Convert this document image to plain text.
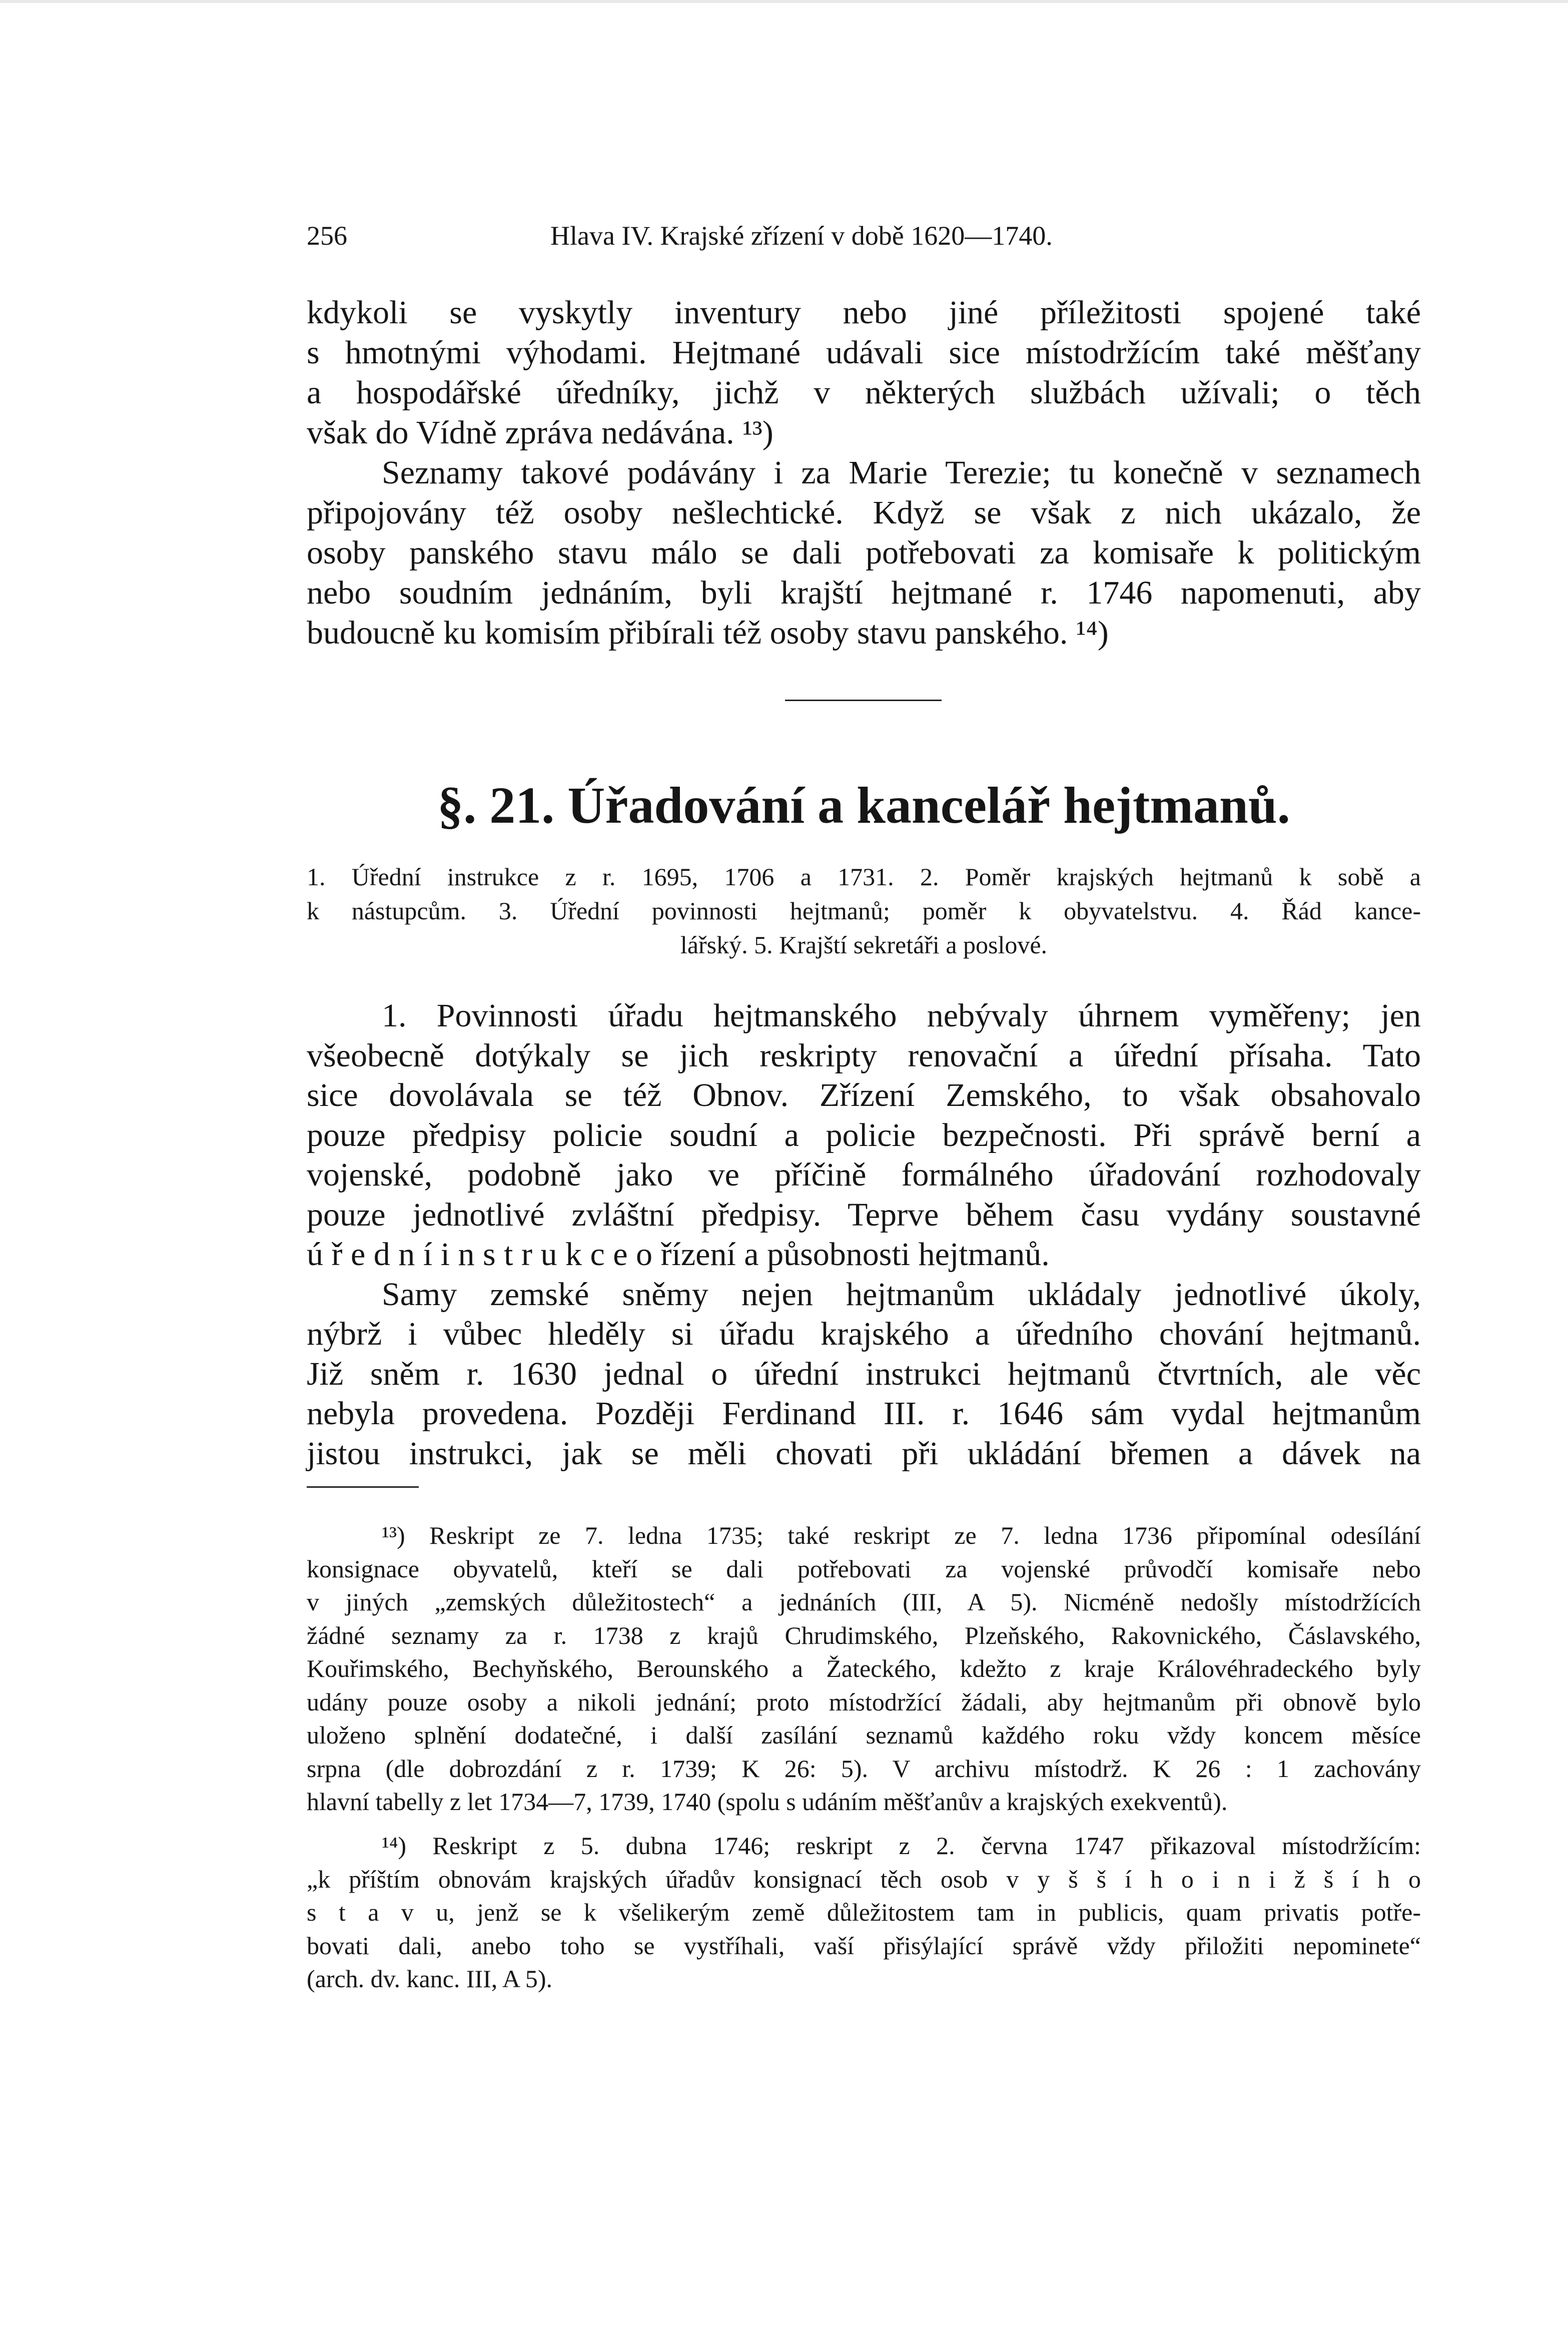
256	Hlava IV. Krajské zřízení v době 1620—1740.
kdykoli se vyskytly inventury nebo jiné příležitosti spojené také
s hmotnými výhodami. Hejtmané udávali sice místodržícím také měšťany
a hospodářské úředníky, jichž v některých službách užívali; o těch
však do Vídně zpráva nedávána. ¹³)
Seznamy takové podávány i za Marie Terezie; tu konečně v seznamech
připojovány též osoby nešlechtické. Když se však z nich ukázalo, že
osoby panského stavu málo se dali potřebovati za komisaře k politickým
nebo soudním jednáním, byli krajští hejtmané r. 1746 napomenuti, aby
budoucně ku komisím přibírali též osoby stavu panského. ¹⁴)
§. 21. Úřadování a kancelář hejtmanů.
1. Úřední instrukce z r. 1695, 1706 a 1731. 2. Poměr krajských hejtmanů k sobě a
k nástupcům. 3. Úřední povinnosti hejtmanů; poměr k obyvatelstvu. 4. Řád kance-
lářský. 5. Krajští sekretáři a poslové.
1. Povinnosti úřadu hejtmanského nebývaly úhrnem vyměřeny; jen
všeobecně dotýkaly se jich reskripty renovační a úřední přísaha. Tato
sice dovolávala se též Obnov. Zřízení Zemského, to však obsahovalo
pouze předpisy policie soudní a policie bezpečnosti. Při správě berní a
vojenské, podobně jako ve příčině formálného úřadování rozhodovaly
pouze jednotlivé zvláštní předpisy. Teprve během času vydány soustavné
ú ř e d n í i n s t r u k c e o řízení a působnosti hejtmanů.
Samy zemské sněmy nejen hejtmanům ukládaly jednotlivé úkoly,
nýbrž i vůbec hleděly si úřadu krajského a úředního chování hejtmanů.
Již sněm r. 1630 jednal o úřední instrukci hejtmanů čtvrtních, ale věc
nebyla provedena. Později Ferdinand III. r. 1646 sám vydal hejtmanům
jistou instrukci, jak se měli chovati při ukládání břemen a dávek na
¹³) Reskript ze 7. ledna 1735; také reskript ze 7. ledna 1736 připomínal odesílání
konsignace obyvatelů, kteří se dali potřebovati za vojenské průvodčí komisaře nebo
v jiných „zemských důležitostech“ a jednáních (III, A 5). Nicméně nedošly místodržících
žádné seznamy za r. 1738 z krajů Chrudimského, Plzeňského, Rakovnického, Čáslavského,
Kouřimského, Bechyňského, Berounského a Žateckého, kdežto z kraje Královéhradeckého byly
udány pouze osoby a nikoli jednání; proto místodržící žádali, aby hejtmanům při obnově bylo
uloženo splnění dodatečné, i další zasílání seznamů každého roku vždy koncem měsíce
srpna (dle dobrozdání z r. 1739; K 26: 5). V archivu místodrž. K 26 : 1 zachovány
hlavní tabelly z let 1734—7, 1739, 1740 (spolu s udáním měšťanův a krajských exekventů).
¹⁴) Reskript z 5. dubna 1746; reskript z 2. června 1747 přikazoval místodržícím:
„k příštím obnovám krajských úřadův konsignací těch osob v y š š í h o i n i ž š í h o
s t a v u, jenž se k všelikerým země důležitostem tam in publicis, quam privatis potře-
bovati dali, anebo toho se vystříhali, vaší přisýlající správě vždy přiložiti nepominete“
(arch. dv. kanc. III, A 5).
